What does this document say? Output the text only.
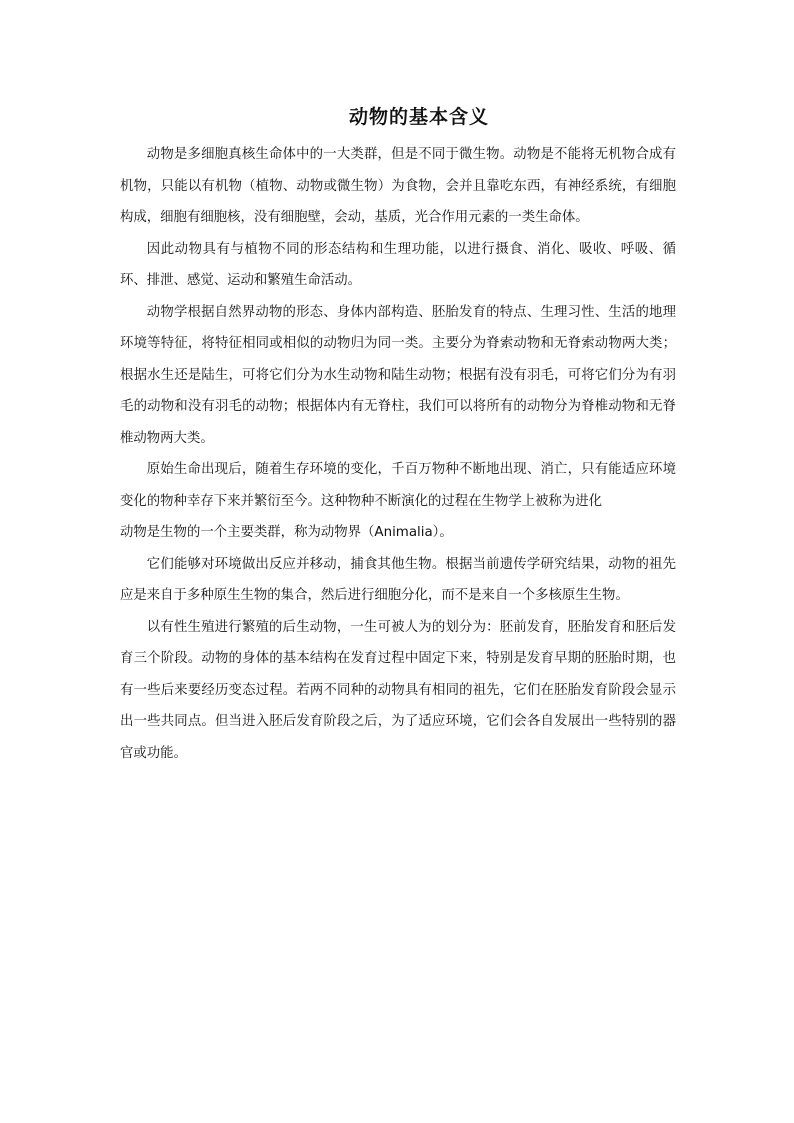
动物的基本含义

动物是多细胞真核生命体中的一大类群，但是不同于微生物。动物是不能将无机物合成有机物，只能以有机物（植物、动物或微生物）为食物，会并且靠吃东西，有神经系统，有细胞构成，细胞有细胞核，没有细胞壁，会动，基质，光合作用元素的一类生命体。

因此动物具有与植物不同的形态结构和生理功能，以进行摄食、消化、吸收、呼吸、循环、排泄、感觉、运动和繁殖生命活动。

动物学根据自然界动物的形态、身体内部构造、胚胎发育的特点、生理习性、生活的地理环境等特征，将特征相同或相似的动物归为同一类。主要分为脊索动物和无脊索动物两大类；根据水生还是陆生，可将它们分为水生动物和陆生动物；根据有没有羽毛，可将它们分为有羽毛的动物和没有羽毛的动物；根据体内有无脊柱，我们可以将所有的动物分为脊椎动物和无脊椎动物两大类。

原始生命出现后，随着生存环境的变化，千百万物种不断地出现、消亡，只有能适应环境变化的物种幸存下来并繁衍至今。这种物种不断演化的过程在生物学上被称为进化

动物是生物的一个主要类群，称为动物界（Animalia）。

它们能够对环境做出反应并移动，捕食其他生物。根据当前遗传学研究结果，动物的祖先应是来自于多种原生生物的集合，然后进行细胞分化，而不是来自一个多核原生生物。

以有性生殖进行繁殖的后生动物，一生可被人为的划分为：胚前发育，胚胎发育和胚后发育三个阶段。动物的身体的基本结构在发育过程中固定下来，特别是发育早期的胚胎时期，也有一些后来要经历变态过程。若两不同种的动物具有相同的祖先，它们在胚胎发育阶段会显示出一些共同点。但当进入胚后发育阶段之后，为了适应环境，它们会各自发展出一些特别的器官或功能。
